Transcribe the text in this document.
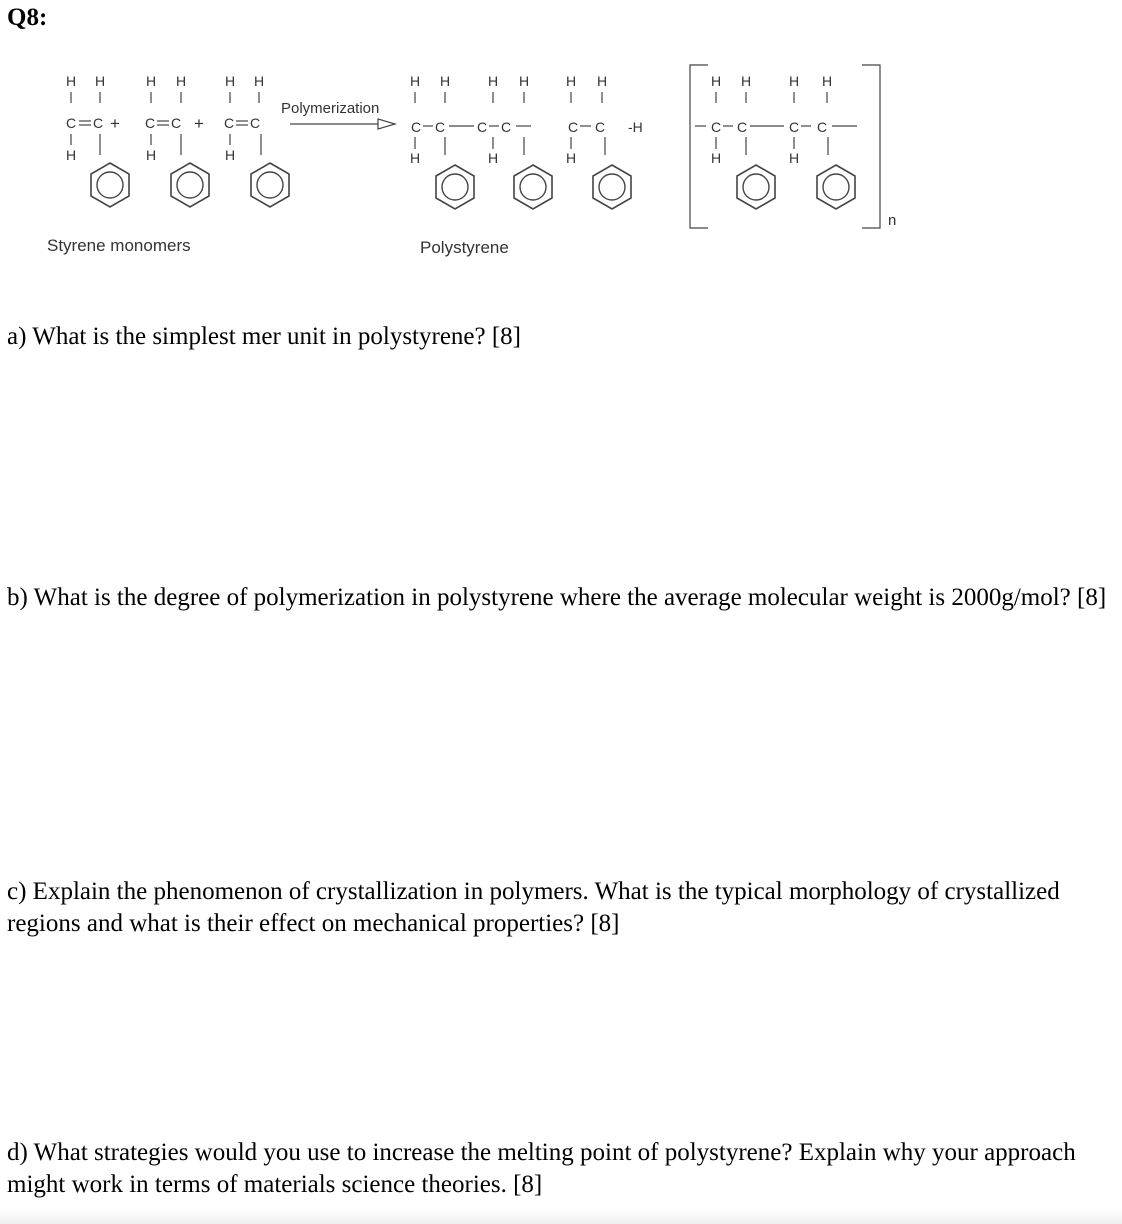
Q8:
H H	H H	H H
C C + C C + C C
H	H	H
Polymerization
H H	H H	H H
C C C C	C C -H
H	H	H
n
H H	H H
C C	C C
H	H
Styrene monomers	Polystyrene
a) What is the simplest mer unit in polystyrene? [8]
b) What is the degree of polymerization in polystyrene where the average molecular weight is 2000g/mol? [8]
c) Explain the phenomenon of crystallization in polymers. What is the typical morphology of crystallized regions and what is their effect on mechanical properties? [8]
d) What strategies would you use to increase the melting point of polystyrene? Explain why your approach might work in terms of materials science theories. [8]
